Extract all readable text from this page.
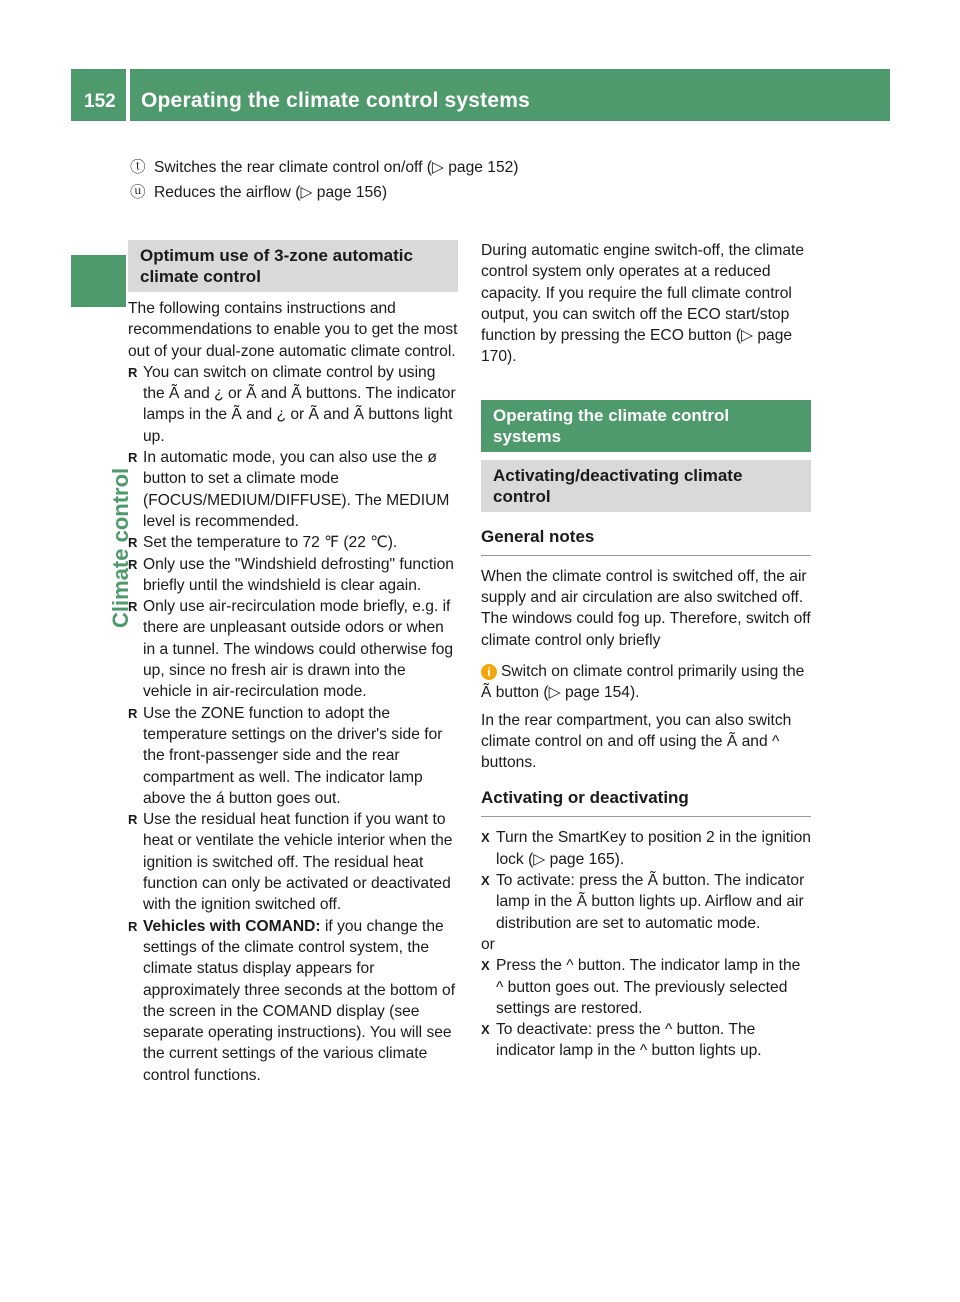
152 Operating the climate control systems
Climate control
ⓣ Switches the rear climate control on/off (▷ page 152)
ⓤ Reduces the airflow (▷ page 156)
Optimum use of 3-zone automatic climate control

The following contains instructions and recommendations to enable you to get the most out of your dual-zone automatic climate control.

R You can switch on climate control by using the Ã and ¿ or Ã and Ã buttons. The indicator lamps in the Ã and ¿ or Ã and Ã buttons light up.

R In automatic mode, you can also use the ø button to set a climate mode (FOCUS/MEDIUM/DIFFUSE). The MEDIUM level is recommended.

R Set the temperature to 72 ℉ (22 ℃).

R Only use the "Windshield defrosting" function briefly until the windshield is clear again.

R Only use air-recirculation mode briefly, e.g. if there are unpleasant outside odors or when in a tunnel. The windows could otherwise fog up, since no fresh air is drawn into the vehicle in air-recirculation mode.

R Use the ZONE function to adopt the temperature settings on the driver's side for the front-passenger side and the rear compartment as well. The indicator lamp above the á button goes out.

R Use the residual heat function if you want to heat or ventilate the vehicle interior when the ignition is switched off. The residual heat function can only be activated or deactivated with the ignition switched off.

R Vehicles with COMAND: if you change the settings of the climate control system, the climate status display appears for approximately three seconds at the bottom of the screen in the COMAND display (see separate operating instructions). You will see the current settings of the various climate control functions.

During automatic engine switch-off, the climate control system only operates at a reduced capacity. If you require the full climate control output, you can switch off the ECO start/stop function by pressing the ECO button (▷ page 170).

Operating the climate control systems
Activating/deactivating climate control
General notes

When the climate control is switched off, the air supply and air circulation are also switched off. The windows could fog up. Therefore, switch off climate control only briefly

i Switch on climate control primarily using the Ã button (▷ page 154).

In the rear compartment, you can also switch climate control on and off using the Ã and ^ buttons.

Activating or deactivating

X Turn the SmartKey to position 2 in the ignition lock (▷ page 165).

X To activate: press the Ã button. The indicator lamp in the Ã button lights up. Airflow and air distribution are set to automatic mode.

or

X Press the ^ button. The indicator lamp in the ^ button goes out. The previously selected settings are restored.

X To deactivate: press the ^ button. The indicator lamp in the ^ button lights up.
